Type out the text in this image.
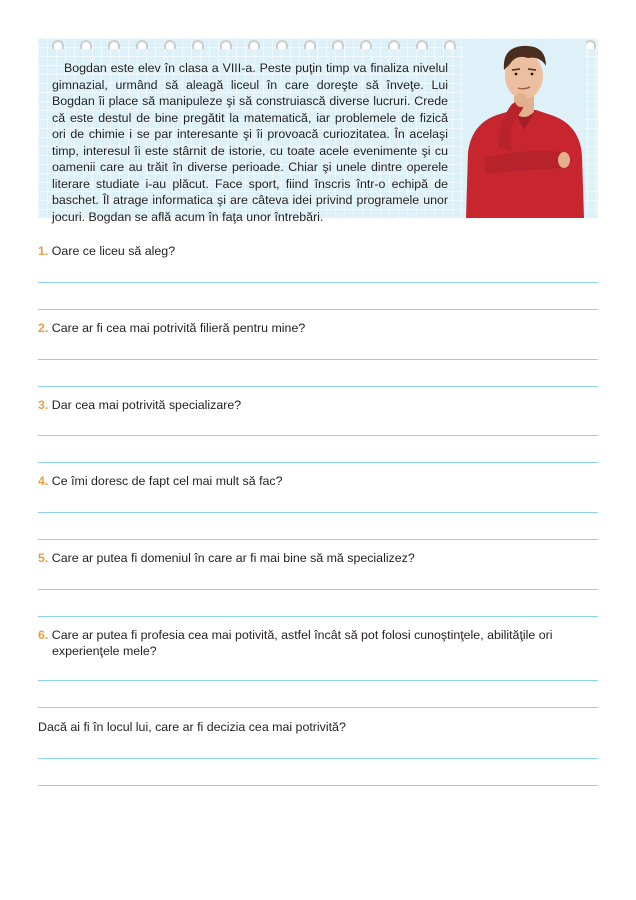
Bogdan este elev în clasa a VIII-a. Peste puţin timp va finaliza nivelul gimnazial, urmând să aleagă liceul în care doreşte să înveţe. Lui Bogdan îi place să manipuleze şi să construiască diverse lucruri. Crede că este destul de bine pregătit la matematică, iar problemele de fizică ori de chimie i se par interesante şi îi provoacă curiozitatea. În acelaşi timp, interesul îi este stârnit de istorie, cu toate acele evenimente şi cu oamenii care au trăit în diverse perioade. Chiar şi unele dintre operele literare studiate i-au plăcut. Face sport, fiind înscris într-o echipă de baschet. Îl atrage informatica şi are câteva idei privind programele unor jocuri. Bogdan se află acum în faţa unor întrebări.

1. Oare ce liceu să aleg?
2. Care ar fi cea mai potrivită filieră pentru mine?
3. Dar cea mai potrivită specializare?
4. Ce îmi doresc de fapt cel mai mult să fac?
5. Care ar putea fi domeniul în care ar fi mai bine să mă specializez?
6. Care ar putea fi profesia cea mai potivită, astfel încât să pot folosi cunoştinţele, abilităţile ori experienţele mele?
Dacă ai fi în locul lui, care ar fi decizia cea mai potrivită?
